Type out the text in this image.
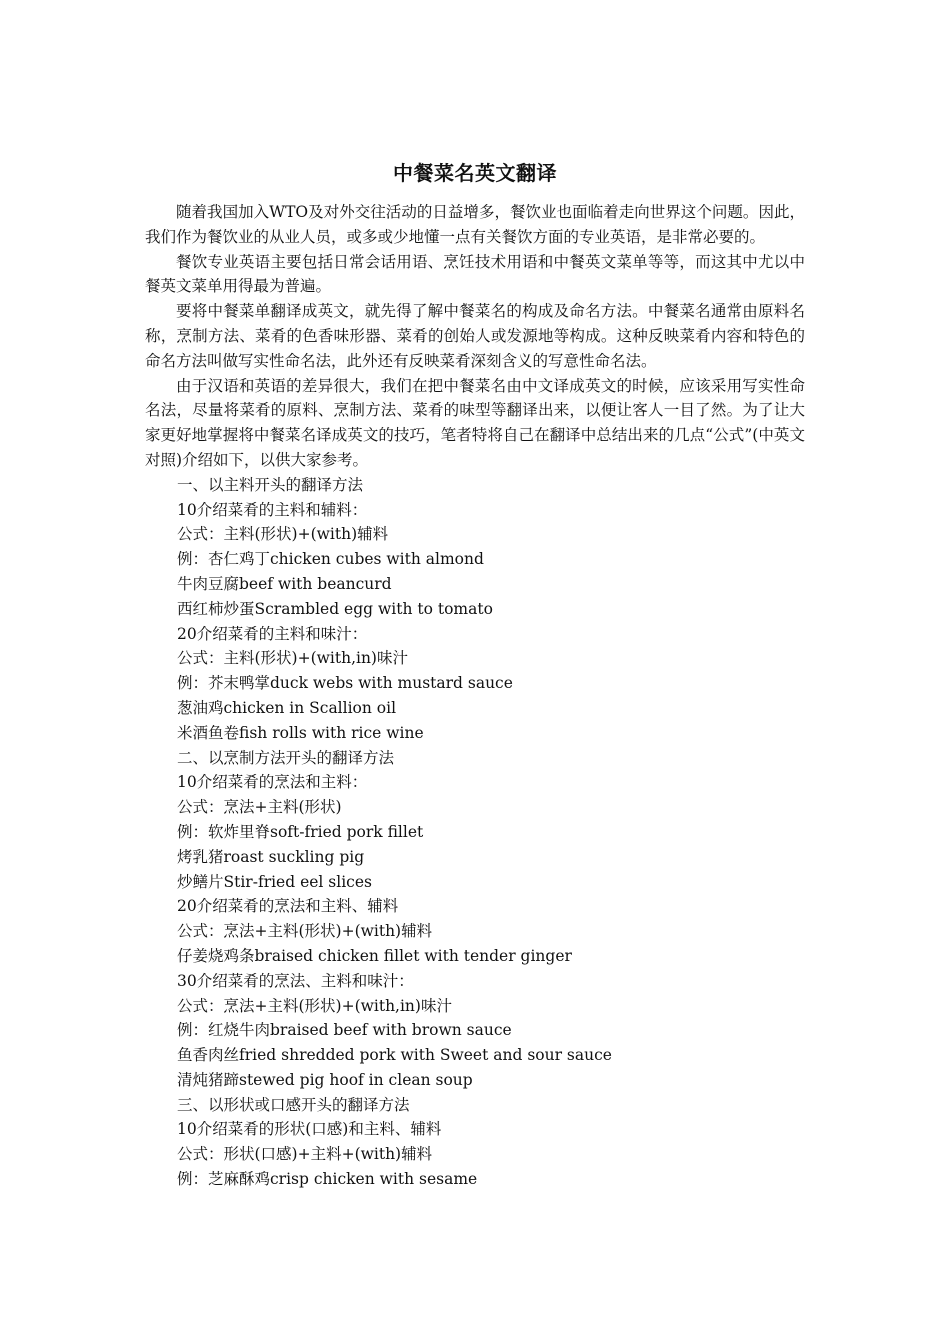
中餐菜名英文翻译

随着我国加入WTO及对外交往活动的日益增多，餐饮业也面临着走向世界这个问题。因此，我们作为餐饮业的从业人员，或多或少地懂一点有关餐饮方面的专业英语，是非常必要的。

餐饮专业英语主要包括日常会话用语、烹饪技术用语和中餐英文菜单等等，而这其中尤以中餐英文菜单用得最为普遍。

要将中餐菜单翻译成英文，就先得了解中餐菜名的构成及命名方法。中餐菜名通常由原料名称，烹制方法、菜肴的色香味形器、菜肴的创始人或发源地等构成。这种反映菜肴内容和特色的命名方法叫做写实性命名法，此外还有反映菜肴深刻含义的写意性命名法。

由于汉语和英语的差异很大，我们在把中餐菜名由中文译成英文的时候，应该采用写实性命名法，尽量将菜肴的原料、烹制方法、菜肴的味型等翻译出来，以便让客人一目了然。为了让大家更好地掌握将中餐菜名译成英文的技巧，笔者特将自己在翻译中总结出来的几点“公式”(中英文对照)介绍如下，以供大家参考。

一、以主料开头的翻译方法
10介绍菜肴的主料和辅料：
公式：主料(形状)+(with)辅料
例：杏仁鸡丁chicken cubes with almond
牛肉豆腐beef with beancurd
西红柿炒蛋Scrambled egg with to tomato
20介绍菜肴的主料和味汁：
公式：主料(形状)+(with,in)味汁
例：芥末鸭掌duck webs with mustard sauce
葱油鸡chicken in Scallion oil
米酒鱼卷fish rolls with rice wine
二、以烹制方法开头的翻译方法
10介绍菜肴的烹法和主料：
公式：烹法+主料(形状)
例：软炸里脊soft-fried pork fillet
烤乳猪roast suckling pig
炒鳝片Stir-fried eel slices
20介绍菜肴的烹法和主料、辅料
公式：烹法+主料(形状)+(with)辅料
仔姜烧鸡条braised chicken fillet with tender ginger
30介绍菜肴的烹法、主料和味汁：
公式：烹法+主料(形状)+(with,in)味汁
例：红烧牛肉braised beef with brown sauce
鱼香肉丝fried shredded pork with Sweet and sour sauce
清炖猪蹄stewed pig hoof in clean soup
三、以形状或口感开头的翻译方法
10介绍菜肴的形状(口感)和主料、辅料
公式：形状(口感)+主料+(with)辅料
例：芝麻酥鸡crisp chicken with sesame
